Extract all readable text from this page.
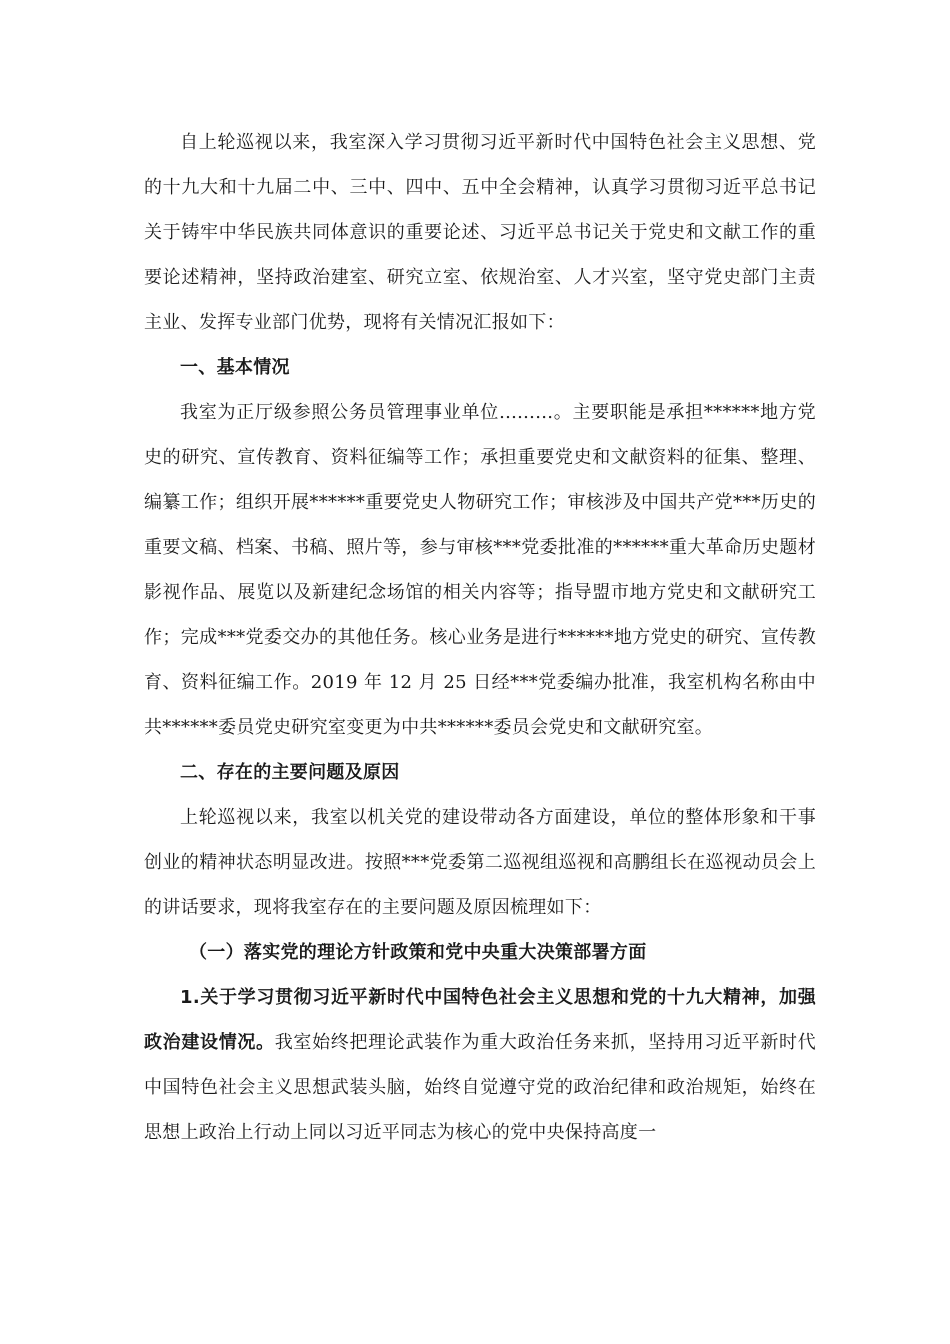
自上轮巡视以来，我室深入学习贯彻习近平新时代中国特色社会主义思想、党的十九大和十九届二中、三中、四中、五中全会精神，认真学习贯彻习近平总书记关于铸牢中华民族共同体意识的重要论述、习近平总书记关于党史和文献工作的重要论述精神，坚持政治建室、研究立室、依规治室、人才兴室，坚守党史部门主责主业、发挥专业部门优势，现将有关情况汇报如下：

一、基本情况

我室为正厅级参照公务员管理事业单位.........。主要职能是承担******地方党史的研究、宣传教育、资料征编等工作；承担重要党史和文献资料的征集、整理、编纂工作；组织开展******重要党史人物研究工作；审核涉及中国共产党***历史的重要文稿、档案、书稿、照片等，参与审核***党委批准的******重大革命历史题材影视作品、展览以及新建纪念场馆的相关内容等；指导盟市地方党史和文献研究工作；完成***党委交办的其他任务。核心业务是进行******地方党史的研究、宣传教育、资料征编工作。2019 年 12 月 25 日经***党委编办批准，我室机构名称由中共******委员党史研究室变更为中共******委员会党史和文献研究室。

二、存在的主要问题及原因

上轮巡视以来，我室以机关党的建设带动各方面建设，单位的整体形象和干事创业的精神状态明显改进。按照***党委第二巡视组巡视和高鹏组长在巡视动员会上的讲话要求，现将我室存在的主要问题及原因梳理如下：

（一）落实党的理论方针政策和党中央重大决策部署方面

1.关于学习贯彻习近平新时代中国特色社会主义思想和党的十九大精神，加强政治建设情况。我室始终把理论武装作为重大政治任务来抓，坚持用习近平新时代中国特色社会主义思想武装头脑，始终自觉遵守党的政治纪律和政治规矩，始终在思想上政治上行动上同以习近平同志为核心的党中央保持高度一
